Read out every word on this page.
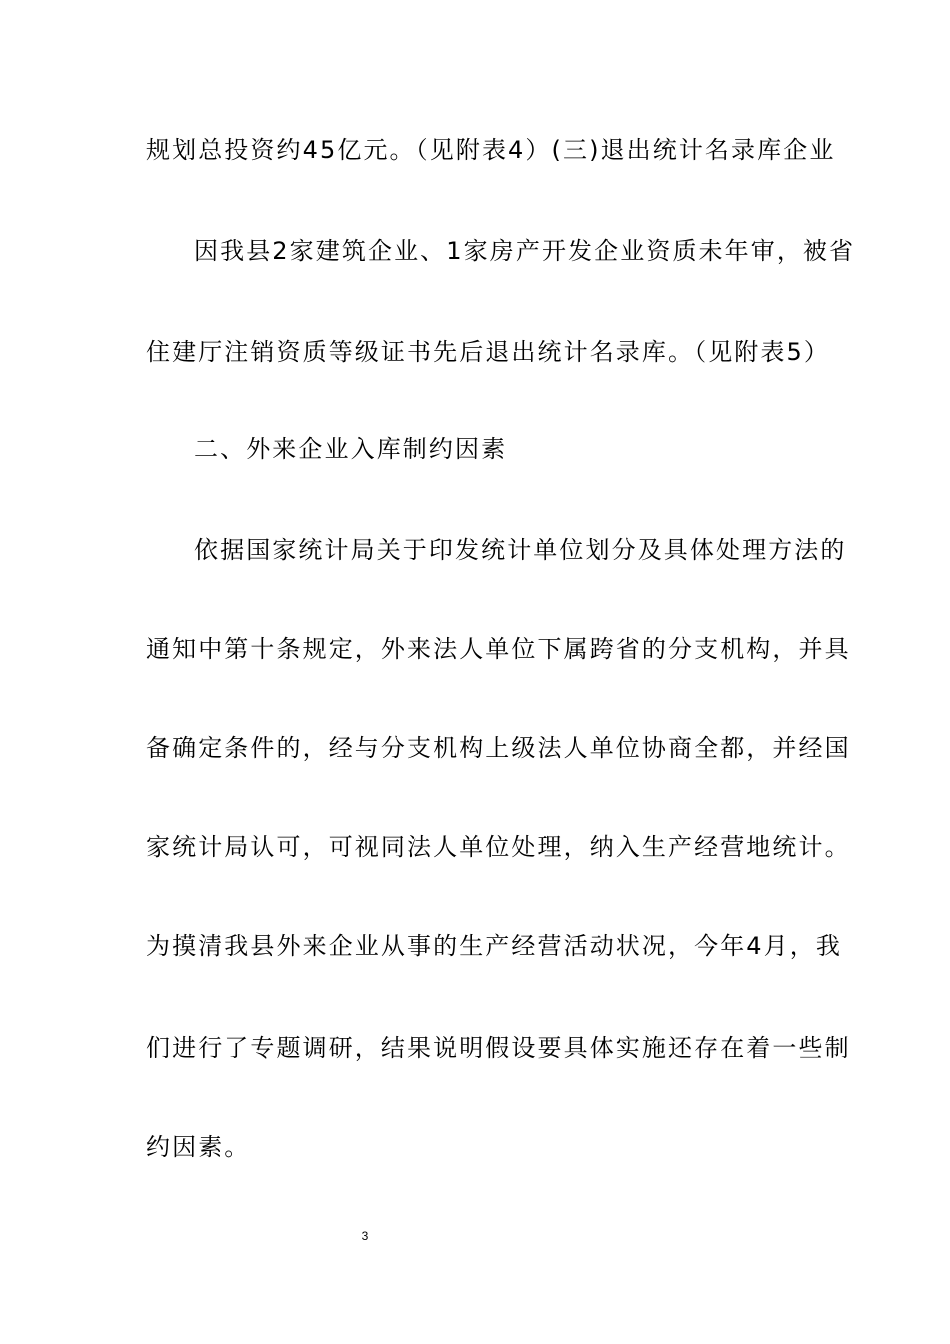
规划总投资约45亿元。（见附表4）(三)退出统计名录库企业
因我县2家建筑企业、1家房产开发企业资质未年审，被省
住建厅注销资质等级证书先后退出统计名录库。（见附表5）
二、外来企业入库制约因素
依据国家统计局关于印发统计单位划分及具体处理方法的
通知中第十条规定，外来法人单位下属跨省的分支机构，并具
备确定条件的，经与分支机构上级法人单位协商全都，并经国
家统计局认可，可视同法人单位处理，纳入生产经营地统计。
为摸清我县外来企业从事的生产经营活动状况，今年4月，我
们进行了专题调研，结果说明假设要具体实施还存在着一些制
约因素。
3
